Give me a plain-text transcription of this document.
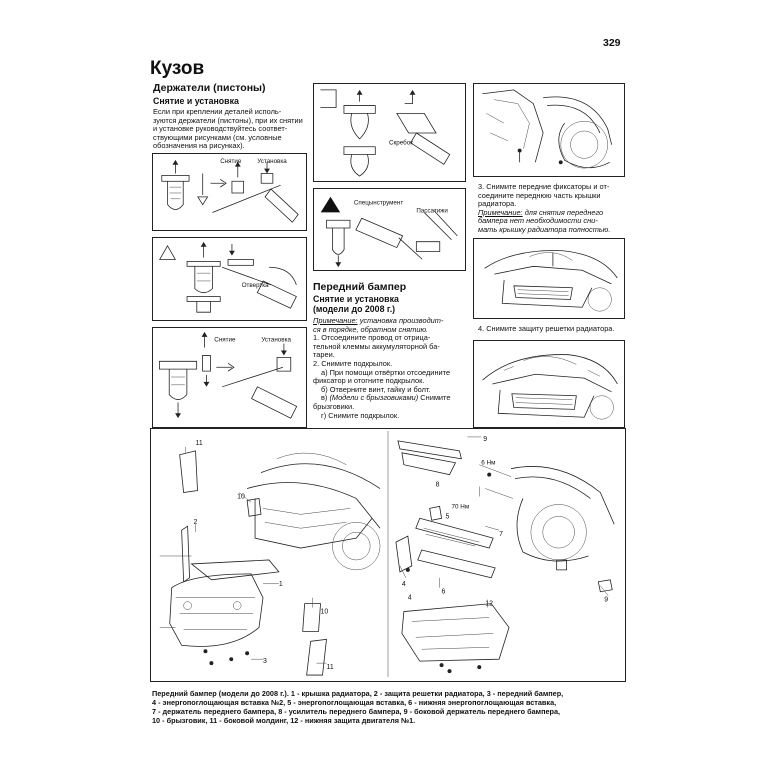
329
Кузов
Держатели (пистоны)
Снятие и установка
Если при креплении деталей исполь-
зуются держатели (пистоны), при их снятии
и установке руководствуйтесь соответ-
ствующими рисунками (см. условные
обозначения на рисунках).
Снятие Установка
Отвертка
Снятие	Установка
Скребок
Спецынструмент
Пассатижи
Передний бампер
Снятие и установка
(модели до 2008 г.)
Примечание: установка производит-
ся в порядке, обратном снятию.
1. Отсоедините провод от отрица-
тельной клеммы аккумуляторной ба-
тареи.
2. Снимите подкрылок.
а) При помощи отвёртки отсоедините
фиксатор и отогните подкрылок.
б) Отверните винт, гайку и болт.
в) (Модели с брызговиками) Снимите
брызговики.
г) Снимите подкрылок.
3. Снимите передние фиксаторы и от-
соедините переднюю часть крышки
радиатора.
Примечание: для снятия переднего
бампера нет необходимости сни-
мать крышку радиатора полностью.
4. Снимите защиту решетки радиатора.
11
2
10
1
3
10
11
9
6 Нм
8
70 Нм
5
7
4
6
4
12
9
Передний бампер (модели до 2008 г.). 1 - крышка радиатора, 2 - защита решетки радиатора, 3 - передний бампер,
4 - энергопоглощающая вставка №2, 5 - энергопоглощающая вставка, 6 - нижняя энергопоглощающая вставка,
7 - держатель переднего бампера, 8 - усилитель переднего бампера, 9 - боковой держатель переднего бампера,
10 - брызговик, 11 - боковой молдинг, 12 - нижняя защита двигателя №1.
